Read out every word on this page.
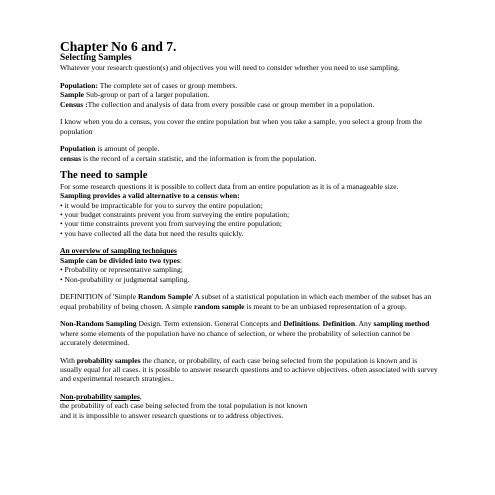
Chapter No 6 and 7.

Selecting Samples

Whatever your research question(s) and objectives you will need to consider whether you need to use sampling.

Population: The complete set of cases or group members.

Sample Sub-group or part of a larger population.

Census :The collection and analysis of data from every possible case or group member in a population.

I know when you do a census, you cover the entire population but when you take a sample, you select a group from the population

Population is amount of people.

census is the record of a certain statistic, and the information is from the population.

The need to sample

For some research questions it is possible to collect data from an entire population as it is of a manageable size.

Sampling provides a valid alternative to a census when:

• it would be impracticable for you to survey the entire population;

• your budget constraints prevent you from surveying the entire population;

• your time constraints prevent you from surveying the entire population;

• you have collected all the data but need the results quickly.

An overview of sampling techniques

Sample can be divided into two types:

• Probability or representative sampling;

• Non-probability or judgmental sampling.

DEFINITION of 'Simple Random Sample' A subset of a statistical population in which each member of the subset has an equal probability of being chosen. A simple random sample is meant to be an unbiased representation of a group.

Non-Random Sampling Design. Term extension. General Concepts and Definitions. Definition. Any sampling method where some elements of the population have no chance of selection, or where the probability of selection cannot be accurately determined.

With probability samples the chance, or probability, of each case being selected from the population is known and is usually equal for all cases. it is possible to answer research questions and to achieve objectives. often associated with survey and experimental research strategies..

Non-probability samples,

the probability of each case being selected from the total population is not known

and it is impossible to answer research questions or to address objectives.
